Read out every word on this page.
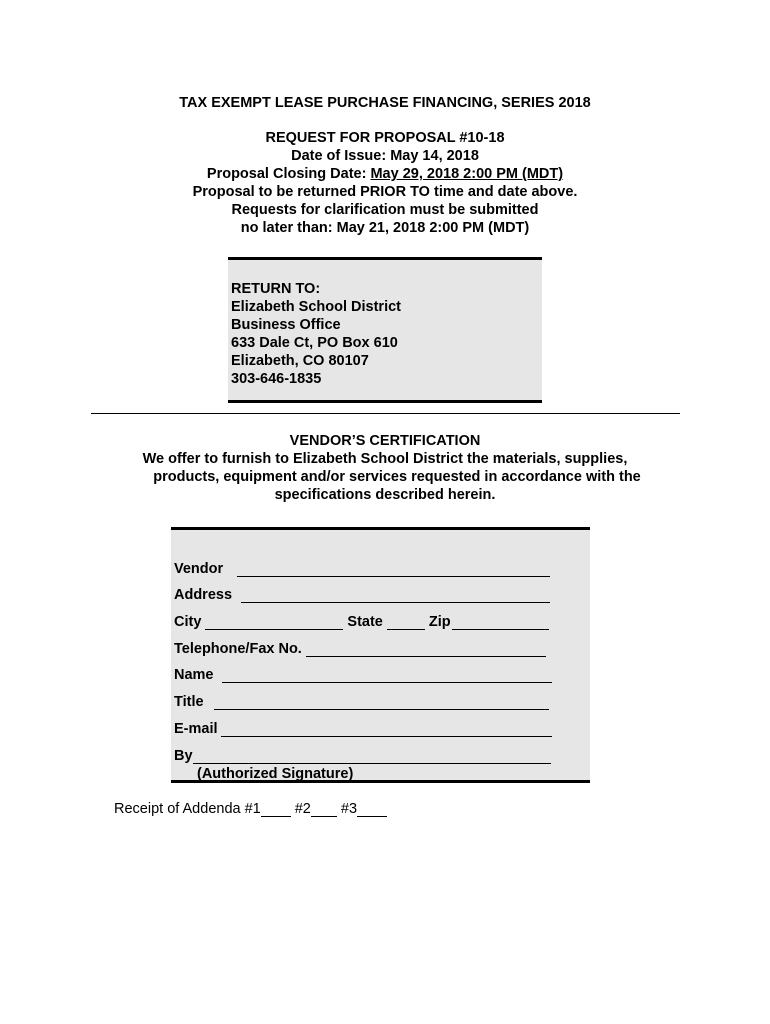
TAX EXEMPT LEASE PURCHASE FINANCING, SERIES 2018
REQUEST FOR PROPOSAL #10-18
Date of Issue: May 14, 2018
Proposal Closing Date: May 29, 2018 2:00 PM (MDT)
Proposal to be returned PRIOR TO time and date above.
Requests for clarification must be submitted
no later than: May 21, 2018 2:00 PM (MDT)
RETURN TO:
Elizabeth School District
Business Office
633 Dale Ct, PO Box 610
Elizabeth, CO 80107
303-646-1835
VENDOR’S CERTIFICATION
We offer to furnish to Elizabeth School District the materials, supplies,
products, equipment and/or services requested in accordance with the
specifications described herein.
Vendor
Address
City	State	Zip
Telephone/Fax No.
Name
Title
E-mail
By
(Authorized Signature)
Receipt of Addenda #1 #2 #3
